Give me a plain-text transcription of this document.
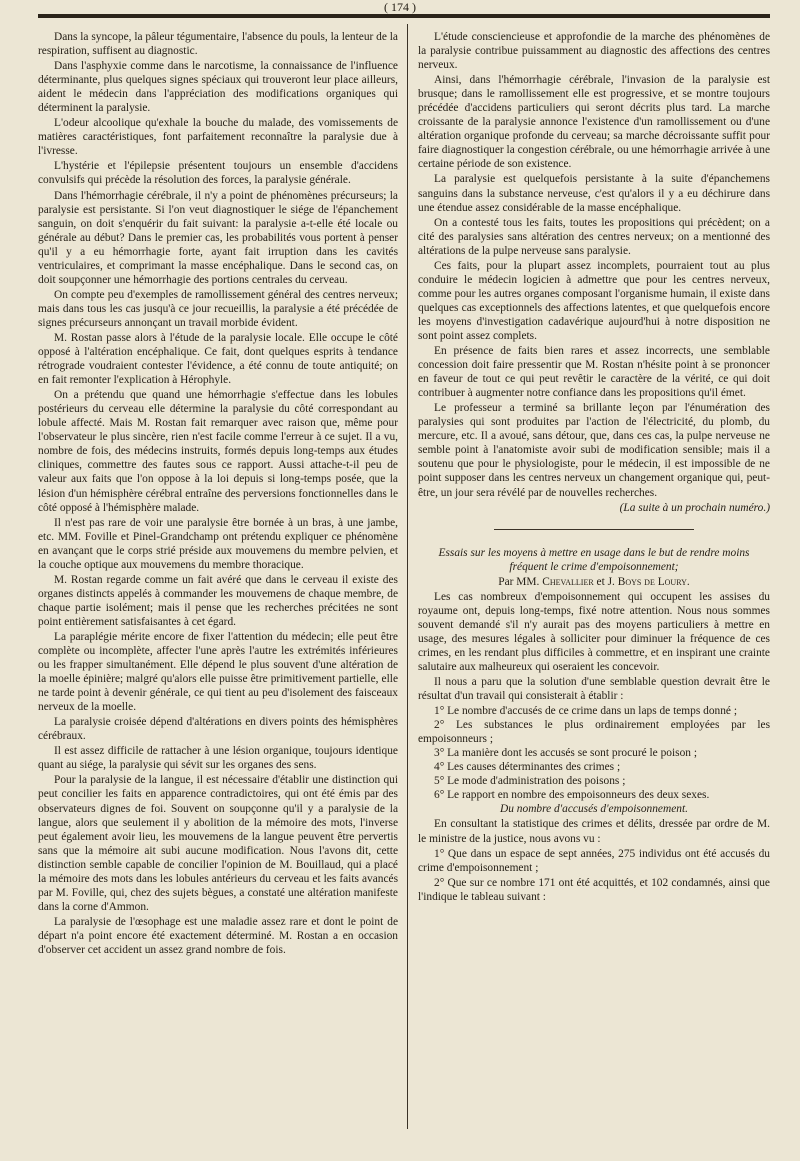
( 174 )

Dans la syncope, la pâleur tégumentaire, l'absence du pouls, la lenteur de la respiration, suffisent au diagnostic.

Dans l'asphyxie comme dans le narcotisme, la connaissance de l'influence déterminante, plus quelques signes spéciaux qui trouveront leur place ailleurs, aident le médecin dans l'appréciation des modifications organiques qui déterminent la paralysie.

L'odeur alcoolique qu'exhale la bouche du malade, des vomissements de matières caractéristiques, font parfaitement reconnaître la paralysie due à l'ivresse.

L'hystérie et l'épilepsie présentent toujours un ensemble d'accidens convulsifs qui précède la résolution des forces, la paralysie générale.

Dans l'hémorrhagie cérébrale, il n'y a point de phénomènes précurseurs; la paralysie est persistante. Si l'on veut diagnostiquer le siége de l'épanchement sanguin, on doit s'enquérir du fait suivant: la paralysie a-t-elle été locale ou générale au début? Dans le premier cas, les probabilités vous portent à penser qu'il y a eu hémorrhagie forte, ayant fait irruption dans les cavités ventriculaires, et comprimant la masse encéphalique. Dans le second cas, on doit soupçonner une hémorrhagie des portions centrales du cerveau.

On compte peu d'exemples de ramollissement général des centres nerveux; mais dans tous les cas jusqu'à ce jour recueillis, la paralysie a été précédée de signes précurseurs annonçant un travail morbide évident.

M. Rostan passe alors à l'étude de la paralysie locale. Elle occupe le côté opposé à l'altération encéphalique. Ce fait, dont quelques esprits à tendance rétrograde voudraient contester l'évidence, a été connu de toute antiquité; on en fait remonter l'explication à Hérophyle.

On a prétendu que quand une hémorrhagie s'effectue dans les lobules postérieurs du cerveau elle détermine la paralysie du côté correspondant au lobule affecté. Mais M. Rostan fait remarquer avec raison que, même pour l'observateur le plus sincère, rien n'est facile comme l'erreur à ce sujet. Il a vu, nombre de fois, des médecins instruits, formés depuis long-temps aux études cliniques, commettre des fautes sous ce rapport. Aussi attache-t-il peu de valeur aux faits que l'on oppose à la loi depuis si long-temps posée, que la lésion d'un hémisphère cérébral entraîne des perversions fonctionnelles dans le côté opposé à l'hémisphère malade.

Il n'est pas rare de voir une paralysie être bornée à un bras, à une jambe, etc. MM. Foville et Pinel-Grandchamp ont prétendu expliquer ce phénomène en avançant que le corps strié préside aux mouvemens du membre pelvien, et la couche optique aux mouvemens du membre thoracique.

M. Rostan regarde comme un fait avéré que dans le cerveau il existe des organes distincts appelés à commander les mouvemens de chaque membre, de chaque partie isolément; mais il pense que les recherches précitées ne sont point entièrement satisfaisantes à cet égard.

La paraplégie mérite encore de fixer l'attention du médecin; elle peut être complète ou incomplète, affecter l'une après l'autre les extrémités inférieures ou les frapper simultanément. Elle dépend le plus souvent d'une altération de la moelle épinière; malgré qu'alors elle puisse être primitivement partielle, elle ne tarde point à devenir générale, ce qui tient au peu d'isolement des faisceaux nerveux de la moelle.

La paralysie croisée dépend d'altérations en divers points des hémisphères cérébraux.

Il est assez difficile de rattacher à une lésion organique, toujours identique quant au siége, la paralysie qui sévit sur les organes des sens.

Pour la paralysie de la langue, il est nécessaire d'établir une distinction qui peut concilier les faits en apparence contradictoires, qui ont été émis par des observateurs dignes de foi. Souvent on soupçonne qu'il y a paralysie de la langue, alors que seulement il y abolition de la mémoire des mots, l'inverse peut également avoir lieu, les mouvemens de la langue peuvent être pervertis sans que la mémoire ait subi aucune modification. Nous l'avons dit, cette distinction semble capable de concilier l'opinion de M. Bouillaud, qui a placé la mémoire des mots dans les lobules antérieurs du cerveau et les faits avancés par M. Foville, qui, chez des sujets bègues, a constaté une altération manifeste dans la corne d'Ammon.

La paralysie de l'œsophage est une maladie assez rare et dont le point de départ n'a point encore été exactement déterminé. M. Rostan a en occasion d'observer cet accident un assez grand nombre de fois.

L'étude consciencieuse et approfondie de la marche des phénomènes de la paralysie contribue puissamment au diagnostic des affections des centres nerveux.

Ainsi, dans l'hémorrhagie cérébrale, l'invasion de la paralysie est brusque; dans le ramollissement elle est progressive, et se montre toujours précédée d'accidens particuliers qui seront décrits plus tard. La marche croissante de la paralysie annonce l'existence d'un ramollissement ou d'une altération organique profonde du cerveau; sa marche décroissante suffit pour faire diagnostiquer la congestion cérébrale, ou une hémorrhagie arrivée à une certaine période de son existence.

La paralysie est quelquefois persistante à la suite d'épanchemens sanguins dans la substance nerveuse, c'est qu'alors il y a eu déchirure dans une étendue assez considérable de la masse encéphalique.

On a contesté tous les faits, toutes les propositions qui précèdent; on a cité des paralysies sans altération des centres nerveux; on a mentionné des altérations de la pulpe nerveuse sans paralysie.

Ces faits, pour la plupart assez incomplets, pourraient tout au plus conduire le médecin logicien à admettre que pour les centres nerveux, comme pour les autres organes composant l'organisme humain, il existe dans quelques cas exceptionnels des affections latentes, et que quelquefois encore les moyens d'investigation cadavérique aujourd'hui à notre disposition ne sont point assez complets.

En présence de faits bien rares et assez incorrects, une semblable concession doit faire pressentir que M. Rostan n'hésite point à se prononcer en faveur de tout ce qui peut revêtir le caractère de la vérité, ce qui doit contribuer à augmenter notre confiance dans les propositions qu'il émet.

Le professeur a terminé sa brillante leçon par l'énumération des paralysies qui sont produites par l'action de l'électricité, du plomb, du mercure, etc. Il a avoué, sans détour, que, dans ces cas, la pulpe nerveuse ne semble point à l'anatomiste avoir subi de modification sensible; mais il a soutenu que pour le physiologiste, pour le médecin, il est impossible de ne point supposer dans les centres nerveux un changement organique qui, peut-être, un jour sera révélé par de nouvelles recherches.

(La suite à un prochain numéro.)

Essais sur les moyens à mettre en usage dans le but de rendre moins fréquent le crime d'empoisonnement;

Par MM. Chevallier et J. Boys de Loury.

Les cas nombreux d'empoisonnement qui occupent les assises du royaume ont, depuis long-temps, fixé notre attention. Nous nous sommes souvent demandé s'il n'y aurait pas des moyens particuliers à mettre en usage, des mesures légales à solliciter pour diminuer la fréquence de ces crimes, en les rendant plus difficiles à commettre, et en inspirant une crainte salutaire aux malheureux qui oseraient les concevoir.

Il nous a paru que la solution d'une semblable question devrait être le résultat d'un travail qui consisterait à établir :

1° Le nombre d'accusés de ce crime dans un laps de temps donné ;

2° Les substances le plus ordinairement employées par les empoisonneurs ;

3° La manière dont les accusés se sont procuré le poison ;

4° Les causes déterminantes des crimes ;

5° Le mode d'administration des poisons ;

6° Le rapport en nombre des empoisonneurs des deux sexes.

Du nombre d'accusés d'empoisonnement.

En consultant la statistique des crimes et délits, dressée par ordre de M. le ministre de la justice, nous avons vu :

1° Que dans un espace de sept années, 275 individus ont été accusés du crime d'empoisonnement ;

2° Que sur ce nombre 171 ont été acquittés, et 102 condamnés, ainsi que l'indique le tableau suivant :
